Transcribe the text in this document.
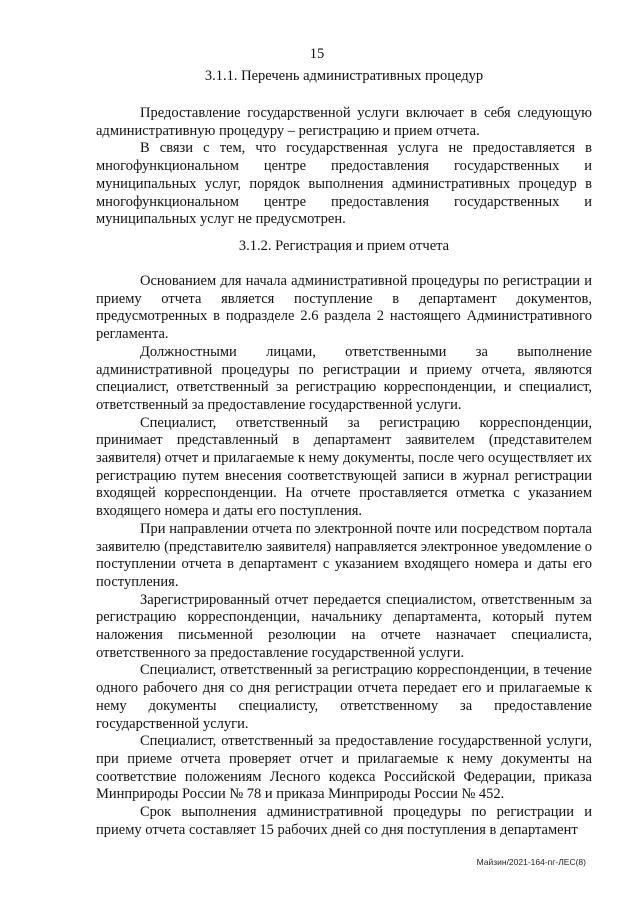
15
3.1.1. Перечень административных процедур

Предоставление государственной услуги включает в себя следующую административную процедуру – регистрацию и прием отчета.

В связи с тем, что государственная услуга не предоставляется в многофункциональном центре предоставления государственных и муниципальных услуг, порядок выполнения административных процедур в многофункциональном центре предоставления государственных и муниципальных услуг не предусмотрен.

3.1.2. Регистрация и прием отчета

Основанием для начала административной процедуры по регистрации и приему отчета является поступление в департамент документов, предусмотренных в подразделе 2.6 раздела 2 настоящего Административного регламента.

Должностными лицами, ответственными за выполнение административной процедуры по регистрации и приему отчета, являются специалист, ответственный за регистрацию корреспонденции, и специалист, ответственный за предоставление государственной услуги.

Специалист, ответственный за регистрацию корреспонденции, принимает представленный в департамент заявителем (представителем заявителя) отчет и прилагаемые к нему документы, после чего осуществляет их регистрацию путем внесения соответствующей записи в журнал регистрации входящей корреспонденции. На отчете проставляется отметка с указанием входящего номера и даты его поступления.

При направлении отчета по электронной почте или посредством портала заявителю (представителю заявителя) направляется электронное уведомление о поступлении отчета в департамент с указанием входящего номера и даты его поступления.

Зарегистрированный отчет передается специалистом, ответственным за регистрацию корреспонденции, начальнику департамента, который путем наложения письменной резолюции на отчете назначает специалиста, ответственного за предоставление государственной услуги.

Специалист, ответственный за регистрацию корреспонденции, в течение одного рабочего дня со дня регистрации отчета передает его и прилагаемые к нему документы специалисту, ответственному за предоставление государственной услуги.

Специалист, ответственный за предоставление государственной услуги, при приеме отчета проверяет отчет и прилагаемые к нему документы на соответствие положениям Лесного кодекса Российской Федерации, приказа Минприроды России № 78 и приказа Минприроды России № 452.

Срок выполнения административной процедуры по регистрации и приему отчета составляет 15 рабочих дней со дня поступления в департамент

Майзин/2021-164-пг-ЛЕС(8)
